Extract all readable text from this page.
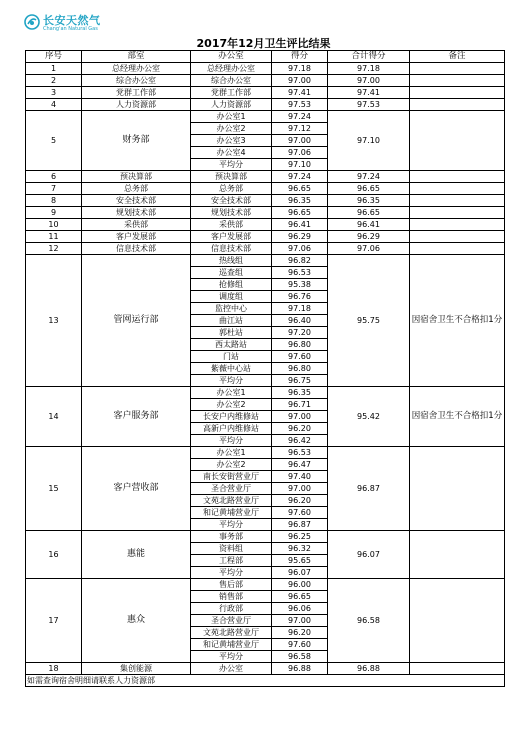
长安天然气
Chang'an Natural Gas
2017年12月卫生评比结果
序号	部室	办公室	得分	合计得分	备注
1	总经理办公室	总经理办公室	97.18	97.18	
2	综合办公室	综合办公室	97.00	97.00	
3	党群工作部	党群工作部	97.41	97.41	
4	人力资源部	人力资源部	97.53	97.53	
5	财务部	办公室1	97.24	97.10	
		办公室2	97.12		
		办公室3	97.00		
		办公室4	97.06		
		平均分	97.10		
6	预决算部	预决算部	97.24	97.24	
7	总务部	总务部	96.65	96.65	
8	安全技术部	安全技术部	96.35	96.35	
9	规划技术部	规划技术部	96.65	96.65	
10	采供部	采供部	96.41	96.41	
11	客户发展部	客户发展部	96.29	96.29	
12	信息技术部	信息技术部	97.06	97.06	
13	管网运行部	热线组	96.82	95.75	因宿舍卫生不合格扣1分
		巡查组	96.53		
		抢修组	95.38		
		调度组	96.76		
		监控中心	97.18		
		曲江站	96.40		
		郭杜站	97.20		
		西太路站	96.80		
		门站	97.60		
		紫薇中心站	96.80		
		平均分	96.75		
14	客户服务部	办公室1	96.35	95.42	因宿舍卫生不合格扣1分
		办公室2	96.71		
		长安户内维修站	97.00		
		高新户内维修站	96.20		
		平均分	96.42		
15	客户营收部	办公室1	96.53	96.87	
		办公室2	96.47		
		南长安街营业厅	97.40		
		圣合营业厅	97.00		
		文苑北路营业厅	96.20		
		和记黄埔营业厅	97.60		
		平均分	96.87		
16	惠能	事务部	96.25	96.07	
		资料组	96.32		
		工程部	95.65		
		平均分	96.07		
17	惠众	售后部	96.00	96.58	
		销售部	96.65		
		行政部	96.06		
		圣合营业厅	97.00		
		文苑北路营业厅	96.20		
		和记黄埔营业厅	97.60		
		平均分	96.58		
18	集创能源	办公室	96.88	96.88	
如需查询宿舍明细请联系人力资源部					
